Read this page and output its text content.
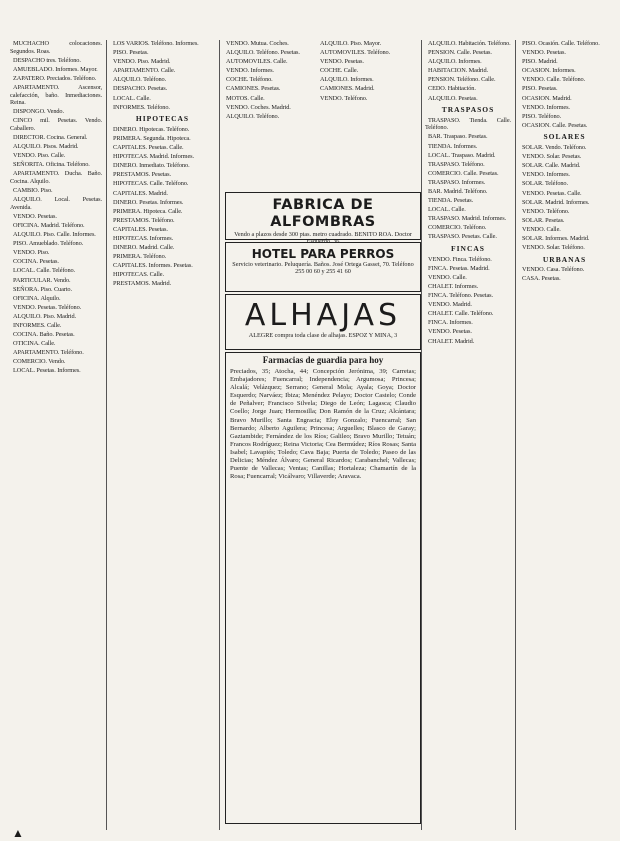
MUCHACHO colocaciones. Segundos. Roas.

DESPACHO tres. Teléfono.

AMUEBLADO. Informes. Mayor.

ZAPATERO. Preciados. Teléfono.

APARTAMENTO. Ascensor, calefacción, baño. Inmediaciones. Reina.

DISPONGO. Vendo.

CINCO mil. Pesetas. Vendo. Caballero.

DIRECTOR. Cocina. General.

ALQUILO. Pisos. Madrid.

VENDO. Piso. Calle.

SEÑORITA. Oficina. Teléfono.

APARTAMENTO. Ducha. Baño. Cocina. Alquilo.

CAMBIO. Piso.

ALQUILO. Local. Pesetas. Avenida.

VENDO. Pesetas.

OFICINA. Madrid. Teléfono.

ALQUILO. Piso. Calle. Informes.

PISO. Amueblado. Teléfono.

VENDO. Piso.

COCINA. Pesetas.

LOCAL. Calle. Teléfono.

PARTICULAR. Vendo.

SEÑORA. Piso. Cuarto.

OFICINA. Alquilo.

VENDO. Pesetas. Teléfono.

ALQUILO. Piso. Madrid.

INFORMES. Calle.

COCINA. Baño. Pesetas.

OTICINA. Calle.

APARTAMENTO. Teléfono.

COMERCIO. Vendo.

LOCAL. Pesetas. Informes.

LOS VARIOS. Teléfono. Informes.

PISO. Pesetas.

VENDO. Piso. Madrid.

APARTAMENTO. Calle.

ALQUILO. Teléfono.

DESPACHO. Pesetas.

LOCAL. Calle.

INFORMES. Teléfono.

HIPOTECAS

DINERO. Hipotecas. Teléfono.

PRIMERA. Segunda. Hipoteca.

CAPITALES. Pesetas. Calle.

HIPOTECAS. Madrid. Informes.

DINERO. Inmediato. Teléfono.

PRESTAMOS. Pesetas.

HIPOTECAS. Calle. Teléfono.

CAPITALES. Madrid.

DINERO. Pesetas. Informes.

PRIMERA. Hipoteca. Calle.

PRESTAMOS. Teléfono.

CAPITALES. Pesetas.

HIPOTECAS. Informes.

DINERO. Madrid. Calle.

PRIMERA. Teléfono.

CAPITALES. Informes. Pesetas.

HIPOTECAS. Calle.

PRESTAMOS. Madrid.

VENDO. Mutua. Coches.

ALQUILO. Teléfono. Pesetas.

AUTOMOVILES. Calle.

VENDO. Informes.

COCHE. Teléfono.

CAMIONES. Pesetas.

MOTOS. Calle.

VENDO. Coches. Madrid.

ALQUILO. Teléfono.

ALQUILO. Piso. Mayor.

AUTOMOVILES. Teléfono.

VENDO. Pesetas.

COCHE. Calle.

ALQUILO. Informes.

CAMIONES. Madrid.

VENDO. Teléfono.

FABRICA DE ALFOMBRAS
Vendo a plazos desde 300 ptas. metro cuadrado. BENITO ROA. Doctor
HOTEL PARA PERROS
Servicio veterinario. Peluquería. Baños. José Ortega Gasset, 70. Teléfono 255 00 60 y 255 41 60
ALHAJAS
ALEGRE compra toda clase de alhajas. ESPOZ Y MINA, 3
Farmacias de guardia para hoy
Preciados, 35; Atocha, 44; Concepción Jerónima, 39; Carretas; Embajadores; Fuencarral; Independencia; Argumosa; Princesa; Alcalá; Velázquez; Serrano; General Mola; Ayala; Goya; Doctor Esquerdo; Narváez; Ibiza; Menéndez Pelayo; Doctor Castelo; Conde de Peñalver; Francisco Silvela; Diego de León; Lagasca; Claudio Coello; Jorge Juan; Hermosilla; Don Ramón de la Cruz; Alcántara; Bravo Murillo; Santa Engracia; Eloy Gonzalo; Fuencarral; San Bernardo; Alberto Aguilera; Princesa; Arguelles; Blasco de Garay; Gaztambide; Fernández de los Ríos; Galileo; Bravo Murillo; Tetuán; Francos Rodríguez; Reina Victoria; Cea Bermúdez; Ríos Rosas; Santa Isabel; Lavapiés; Toledo; Cava Baja; Puerta de Toledo; Paseo de las Delicias; Méndez Álvaro; General Ricardos; Carabanchel; Vallecas; Puente de Vallecas; Ventas; Canillas; Hortaleza; Chamartín de la Rosa; Fuencarral; Vicálvaro; Villaverde; Aravaca.

ALQUILO. Habitación. Teléfono.

PENSION. Calle. Pesetas.

ALQUILO. Informes.

HABITACION. Madrid.

PENSION. Teléfono. Calle.

CEDO. Habitación.

ALQUILO. Pesetas.

TRASPASOS

TRASPASO. Tienda. Calle. Teléfono.

BAR. Traspaso. Pesetas.

TIENDA. Informes.

LOCAL. Traspaso. Madrid.

TRASPASO. Teléfono.

COMERCIO. Calle. Pesetas.

TRASPASO. Informes.

BAR. Madrid. Teléfono.

TIENDA. Pesetas.

LOCAL. Calle.

TRASPASO. Madrid. Informes.

COMERCIO. Teléfono.

TRASPASO. Pesetas. Calle.

FINCAS

VENDO. Finca. Teléfono.

FINCA. Pesetas. Madrid.

VENDO. Calle.

CHALET. Informes.

FINCA. Teléfono. Pesetas.

VENDO. Madrid.

CHALET. Calle. Teléfono.

FINCA. Informes.

VENDO. Pesetas.

CHALET. Madrid.

PISO. Ocasión. Calle. Teléfono.

VENDO. Pesetas.

PISO. Madrid.

OCASION. Informes.

VENDO. Calle. Teléfono.

PISO. Pesetas.

OCASION. Madrid.

VENDO. Informes.

PISO. Teléfono.

OCASION. Calle. Pesetas.

SOLARES

SOLAR. Vendo. Teléfono.

VENDO. Solar. Pesetas.

SOLAR. Calle. Madrid.

VENDO. Informes.

SOLAR. Teléfono.

VENDO. Pesetas. Calle.

SOLAR. Madrid. Informes.

VENDO. Teléfono.

SOLAR. Pesetas.

VENDO. Calle.

SOLAR. Informes. Madrid.

VENDO. Solar. Teléfono.

URBANAS

VENDO. Casa. Teléfono.

CASA. Pesetas.

▲
